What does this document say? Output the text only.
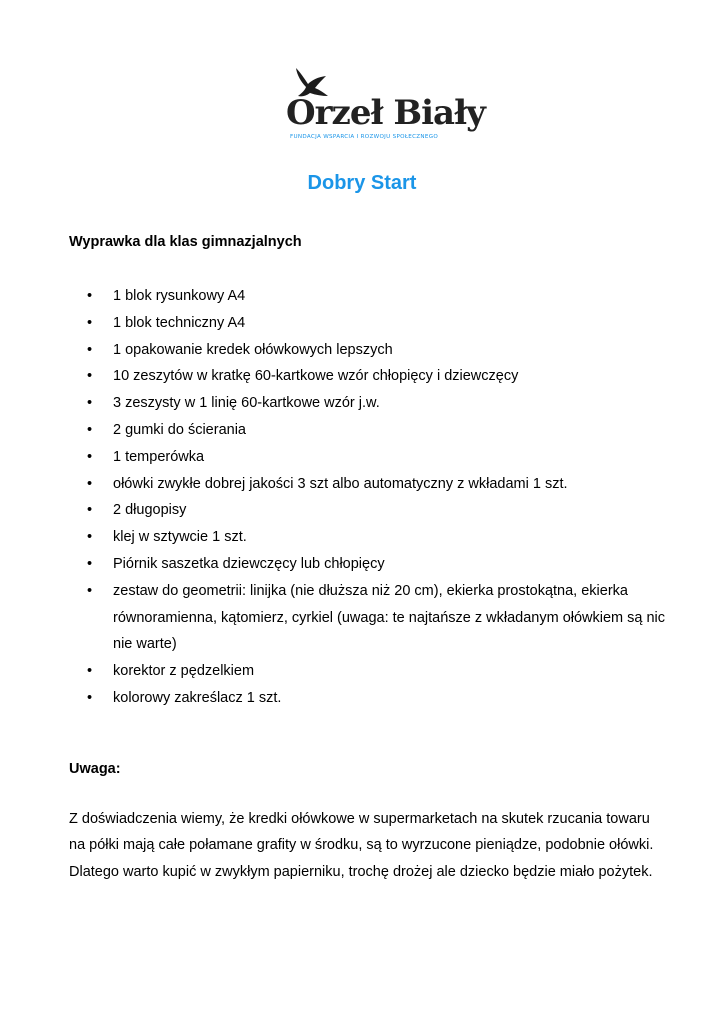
Orzeł Biały
FUNDACJA WSPARCIA I ROZWOJU SPOŁECZNEGO
Dobry Start
Wyprawka dla klas gimnazjalnych
• 1 blok rysunkowy A4
• 1 blok techniczny A4
• 1 opakowanie kredek ołówkowych lepszych
• 10 zeszytów w kratkę 60-kartkowe wzór chłopięcy i dziewczęcy
• 3 zeszysty w 1 linię 60-kartkowe wzór j.w.
• 2 gumki do ścierania
• 1 temperówka
• ołówki zwykłe dobrej jakości 3 szt albo automatyczny z wkładami 1 szt.
• 2 długopisy
• klej w sztywcie 1 szt.
• Piórnik saszetka dziewczęcy lub chłopięcy
• zestaw do geometrii: linijka (nie dłuższa niż 20 cm), ekierka prostokątna, ekierka równoramienna, kątomierz, cyrkiel (uwaga: te najtańsze z wkładanym ołówkiem są nic nie warte)
• korektor z pędzelkiem
• kolorowy zakreślacz 1 szt.
Uwaga:
Z doświadczenia wiemy, że kredki ołówkowe w supermarketach na skutek rzucania towaru na półki mają całe połamane grafity w środku, są to wyrzucone pieniądze, podobnie ołówki. Dlatego warto kupić w zwykłym papierniku, trochę drożej ale dziecko będzie miało pożytek.
